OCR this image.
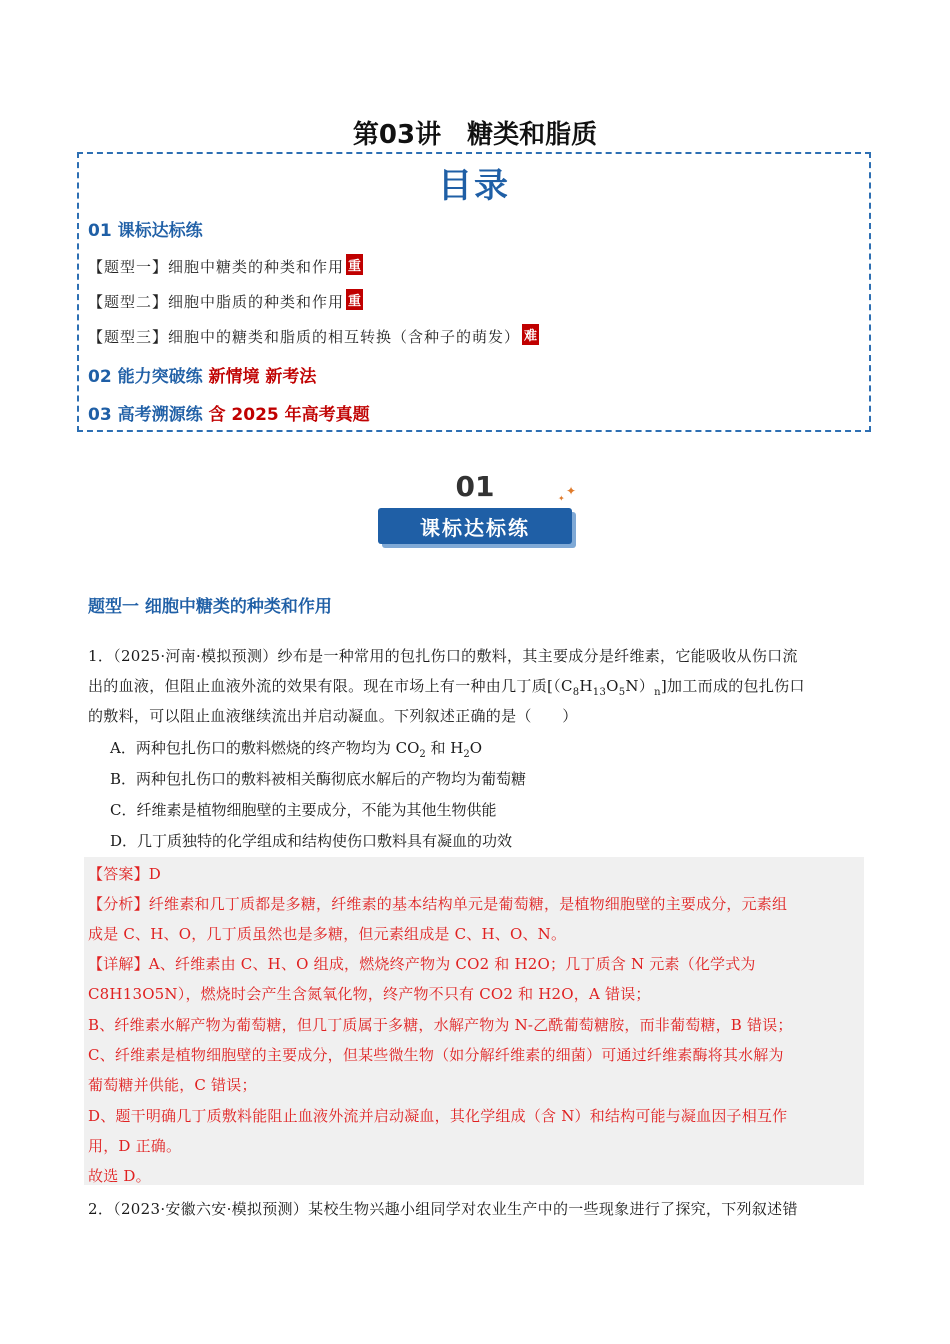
第03讲　糖类和脂质
目录
01 课标达标练
【题型一】细胞中糖类的种类和作用 重
【题型二】细胞中脂质的种类和作用 重
【题型三】细胞中的糖类和脂质的相互转换（含种子的萌发） 难
02 能力突破练 新情境 新考法
03 高考溯源练 含 2025 年高考真题
01
课标达标练
✦
✦
题型一 细胞中糖类的种类和作用
1．（2025·河南·模拟预测）纱布是一种常用的包扎伤口的敷料，其主要成分是纤维素，它能吸收从伤口流
出的血液，但阻止血液外流的效果有限。现在市场上有一种由几丁质$[(C_8H_{13}O_5N)_n]$加工而成的包扎伤口
的敷料，可以阻止血液继续流出并启动凝血。下列叙述正确的是（　　）
A．两种包扎伤口的敷料燃烧的终产物均为 $CO_2$ 和 $H_2O$
B．两种包扎伤口的敷料被相关酶彻底水解后的产物均为葡萄糖
C．纤维素是植物细胞壁的主要成分，不能为其他生物供能
D．几丁质独特的化学组成和结构使伤口敷料具有凝血的功效
【答案】D
【分析】纤维素和几丁质都是多糖，纤维素的基本结构单元是葡萄糖，是植物细胞壁的主要成分，元素组
成是 C、H、O，几丁质虽然也是多糖，但元素组成是 C、H、O、N。
【详解】A、纤维素由 C、H、O 组成，燃烧终产物为 CO2 和 H2O；几丁质含 N 元素（化学式为
C8H13O5N），燃烧时会产生含氮氧化物，终产物不只有 CO2 和 H2O，A 错误；
B、纤维素水解产物为葡萄糖，但几丁质属于多糖，水解产物为 N-乙酰葡萄糖胺，而非葡萄糖，B 错误；
C、纤维素是植物细胞壁的主要成分，但某些微生物（如分解纤维素的细菌）可通过纤维素酶将其水解为
葡萄糖并供能，C 错误；
D、题干明确几丁质敷料能阻止血液外流并启动凝血，其化学组成（含 N）和结构可能与凝血因子相互作
用，D 正确。
故选 D。
2．（2023·安徽六安·模拟预测）某校生物兴趣小组同学对农业生产中的一些现象进行了探究，下列叙述错
